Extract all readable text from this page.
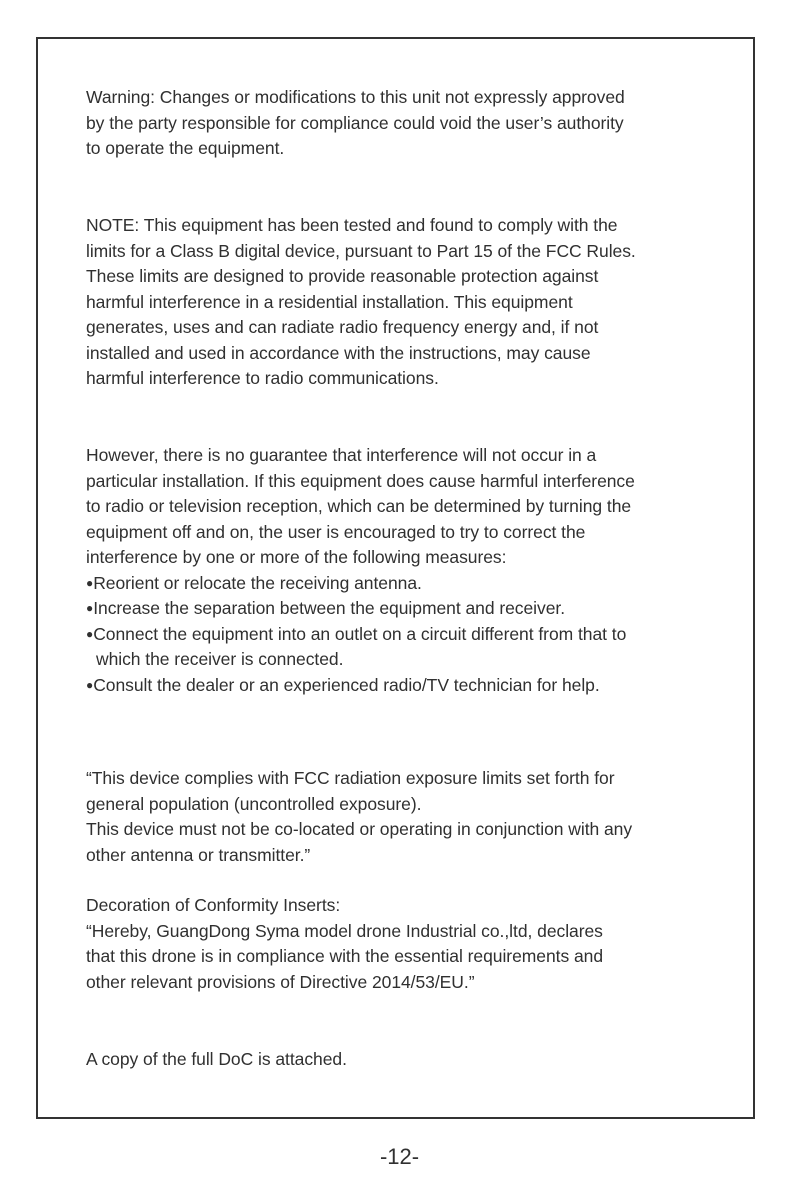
Warning: Changes or modifications to this unit not expressly approved
by the party responsible for compliance could void the user’s authority
to operate the equipment.
NOTE: This equipment has been tested and found to comply with the
limits for a Class B digital device, pursuant to Part 15 of the FCC Rules.
These limits are designed to provide reasonable protection against
harmful interference in a residential installation. This equipment
generates, uses and can radiate radio frequency energy and, if not
installed and used in accordance with the instructions, may cause
harmful interference to radio communications.
However, there is no guarantee that interference will not occur in a
particular installation. If this equipment does cause harmful interference
to radio or television reception, which can be determined by turning the
equipment off and on, the user is encouraged to try to correct the
interference by one or more of the following measures:
●Reorient or relocate the receiving antenna.
●Increase the separation between the equipment and receiver.
●Connect the equipment into an outlet on a circuit different from that to
which the receiver is connected.
●Consult the dealer or an experienced radio/TV technician for help.
“This device complies with FCC radiation exposure limits set forth for
general population (uncontrolled exposure).
This device must not be co-located or operating in conjunction with any
other antenna or transmitter.”
Decoration of Conformity Inserts:
“Hereby, GuangDong Syma model drone Industrial co.,ltd, declares
that this drone is in compliance with the essential requirements and
other relevant provisions of Directive 2014/53/EU.”
A copy of the full DoC is attached.
-12-
